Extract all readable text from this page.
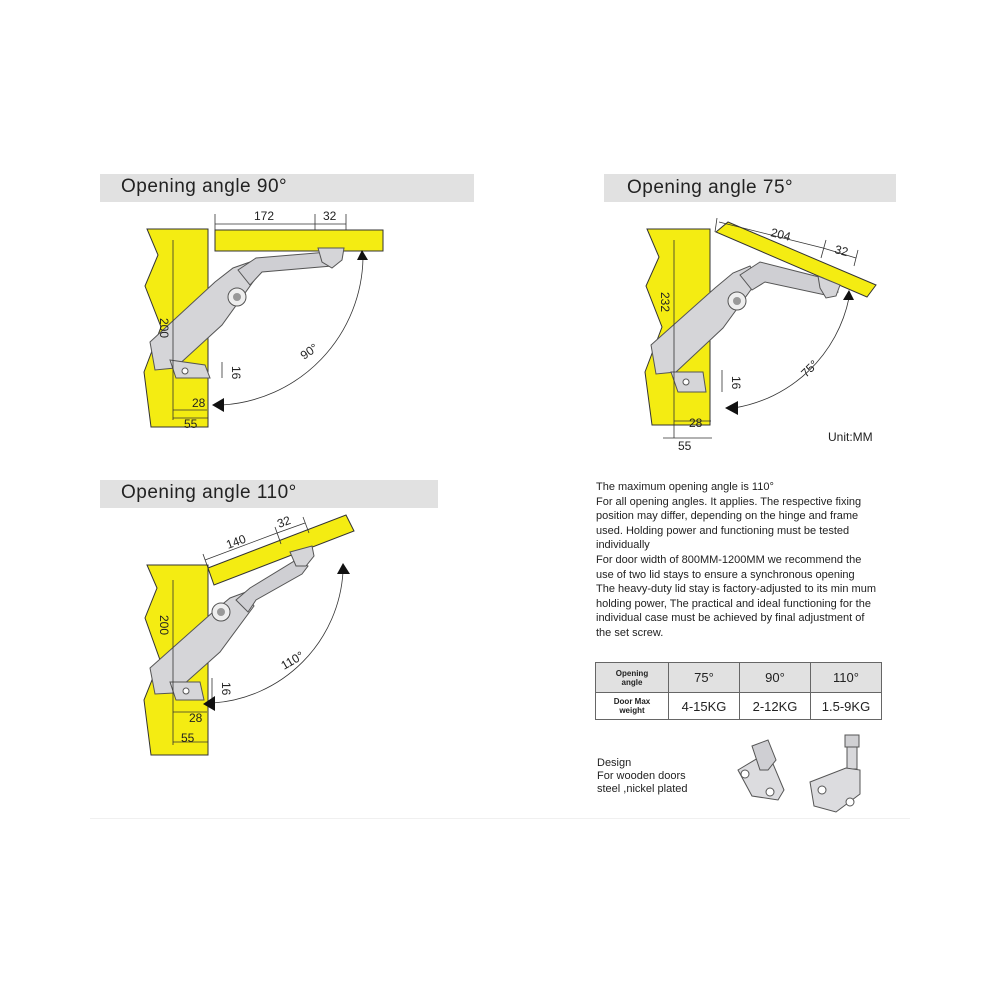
Opening angle 90°	Opening angle 75°
Opening angle 110°
172	32
200
16
28
55
90°
204
32
232
16
28
55
75°
140
32
200
16
28
55
110°
Unit:MM
The maximum opening angle is 110°
For all opening angles. It applies. The respective fixing
position may differ, depending on the hinge and frame
used. Holding power and functioning must be tested
individually
For door width of 800MM-1200MM we recommend the
use of two lid stays to ensure a synchronous opening
The heavy-duty lid stay is factory-adjusted to its min mum
holding power, The practical and ideal functioning for the
individual case must be achieved by final adjustment of
the set screw.
Opening
angle	75°	90°	110°

Door Max
weight	4-15KG	2-12KG	1.5-9KG
Design
For wooden doors
steel ,nickel plated
